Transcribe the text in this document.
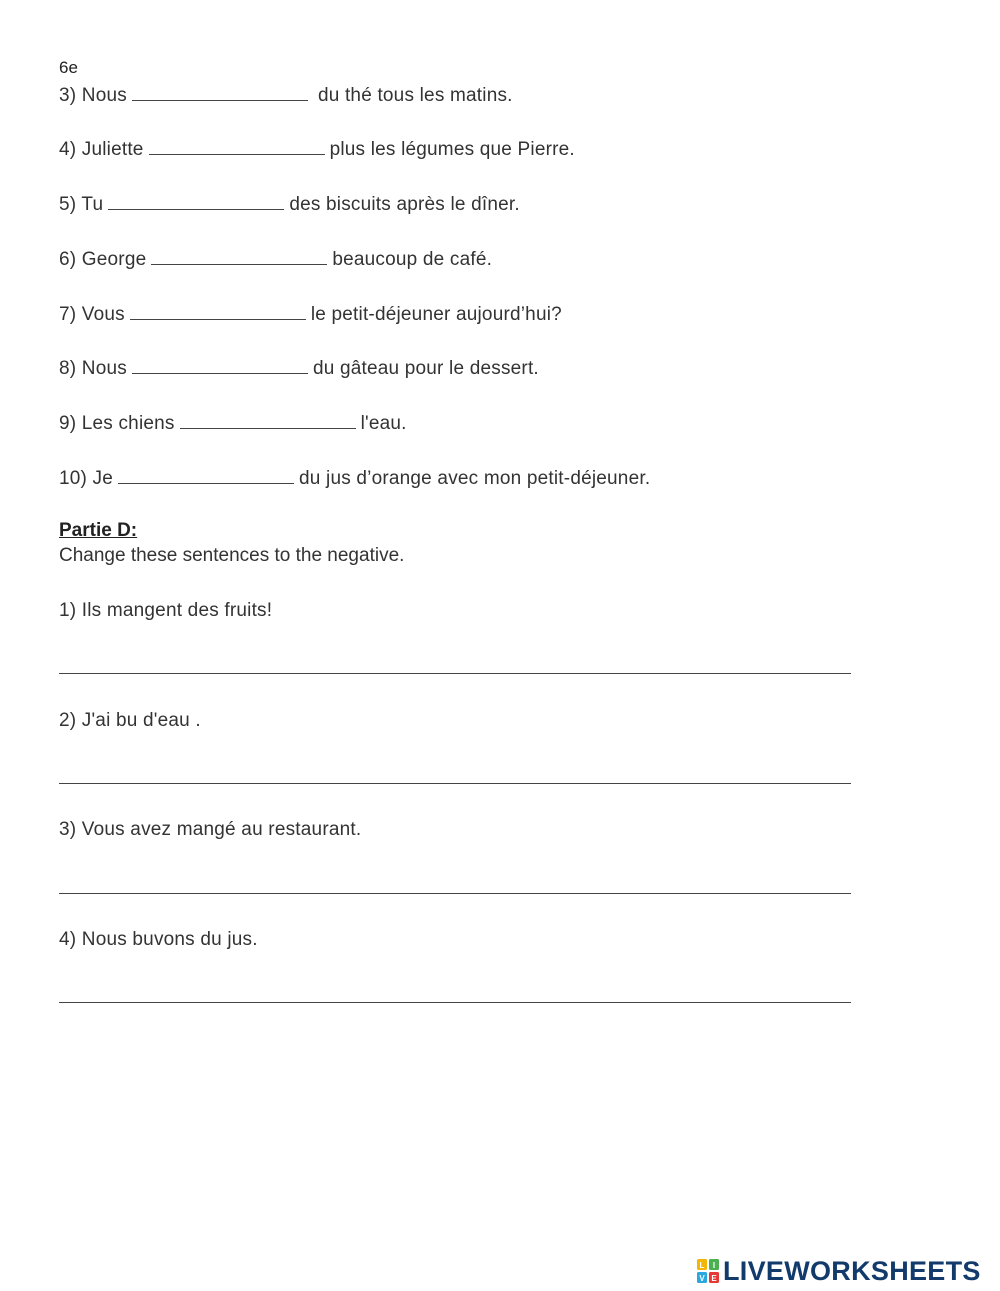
6e
3) Nous	du thé tous les matins.
4) Juliette	plus les légumes que Pierre.
5) Tu	des biscuits après le dîner.
6) George	beaucoup de café.
7) Vous	le petit-déjeuner aujourd’hui?
8) Nous	du gâteau pour le dessert.
9) Les chiens	l'eau.
10) Je	du jus d’orange avec mon petit-déjeuner.
Partie D:
Change these sentences to the negative.
1) Ils mangent des fruits!
2) J'ai bu d'eau .
3) Vous avez mangé au restaurant.
4) Nous buvons du jus.
L I
V E LIVEWORKSHEETS
